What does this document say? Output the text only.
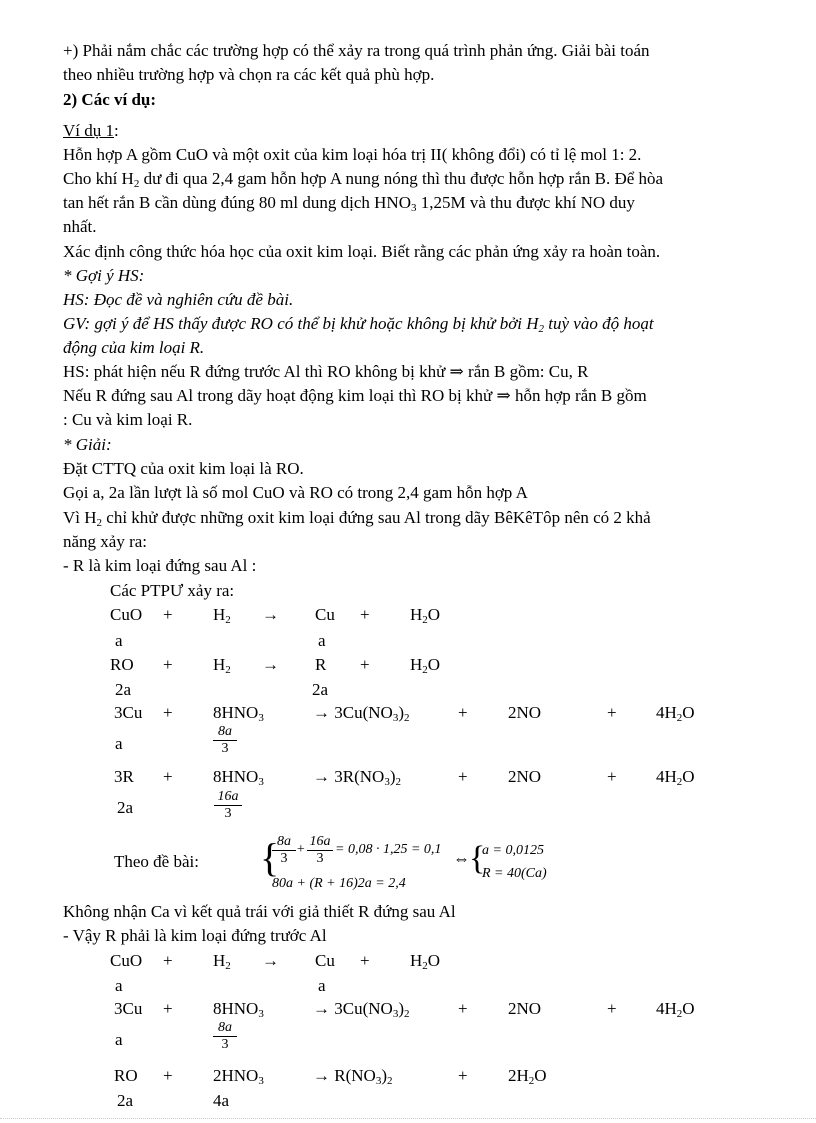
+) Phải nắm chắc các trường hợp có thể xảy ra trong quá trình phản ứng. Giải bài toán
theo nhiều trường hợp và chọn ra các kết quả phù hợp.
2) Các ví dụ:
Ví dụ 1:
Hỗn hợp A gồm CuO và một oxit của kim loại hóa trị II( không đổi) có tỉ lệ mol 1: 2.
Cho khí $H_2$ dư đi qua 2,4 gam hỗn hợp A nung nóng thì thu được hỗn hợp rắn B. Để hòa
tan hết rắn B cần dùng đúng 80 ml dung dịch $HNO_3$ 1,25M và thu được khí NO duy
nhất.
Xác định công thức hóa học của oxit kim loại. Biết rằng các phản ứng xảy ra hoàn toàn.
* Gợi ý HS:
HS: Đọc đề và nghiên cứu đề bài.
GV: gợi ý để HS thấy được RO có thể bị khử hoặc không bị khử bởi $H_2$ tuỳ vào độ hoạt
động của kim loại R.
HS: phát hiện nếu R đứng trước Al thì RO không bị khử ⇒ rắn B gồm: Cu, R
Nếu R đứng sau Al trong dãy hoạt động kim loại thì RO bị khử ⇒ hỗn hợp rắn B gồm
: Cu và kim loại R.
* Giải:
Đặt CTTQ của oxit kim loại là RO.
Gọi a, 2a lần lượt là số mol CuO và RO có trong 2,4 gam hỗn hợp A
Vì $H_2$ chỉ khử được những oxit kim loại đứng sau Al trong dãy BêKêTôp nên có 2 khả
năng xảy ra:
- R là kim loại đứng sau Al :
Các PTPƯ xảy ra:
CuO + $H_2 \to Cu + H_2O$
a	a
RO + $H_2 \to R + H_2O$
2a	2a
$3Cu + 8HNO_3$	→ $3Cu(NO_3)_2$	+ 2NO	+ $4H_2O$
a	$\frac{8a}{3}$
$3R + 8HNO_3$	→ $3R(NO_3)_2$	+ 2NO	+ $4H_2O$
2a	$\frac{16a}{3}$
Theo đề bài: {
$\frac{8a}{3} + \frac{16a}{3} = 0,08 \cdot 1,25 = 0,1$
80a + (R + 16)2a = 2,4
⇔ {
a = 0,0125
R = 40(Ca)
Không nhận Ca vì kết quả trái với giả thiết R đứng sau Al
- Vậy R phải là kim loại đứng trước Al
CuO + $H_2 \to Cu + H_2O$
a	a
$3Cu + 8HNO_3$	→ $3Cu(NO_3)_2$	+ 2NO	+ $4H_2O$
a	$\frac{8a}{3}$
RO + $2HNO_3$	→ $R(NO_3)_2$	+ $2H_2O$
2a	4a
